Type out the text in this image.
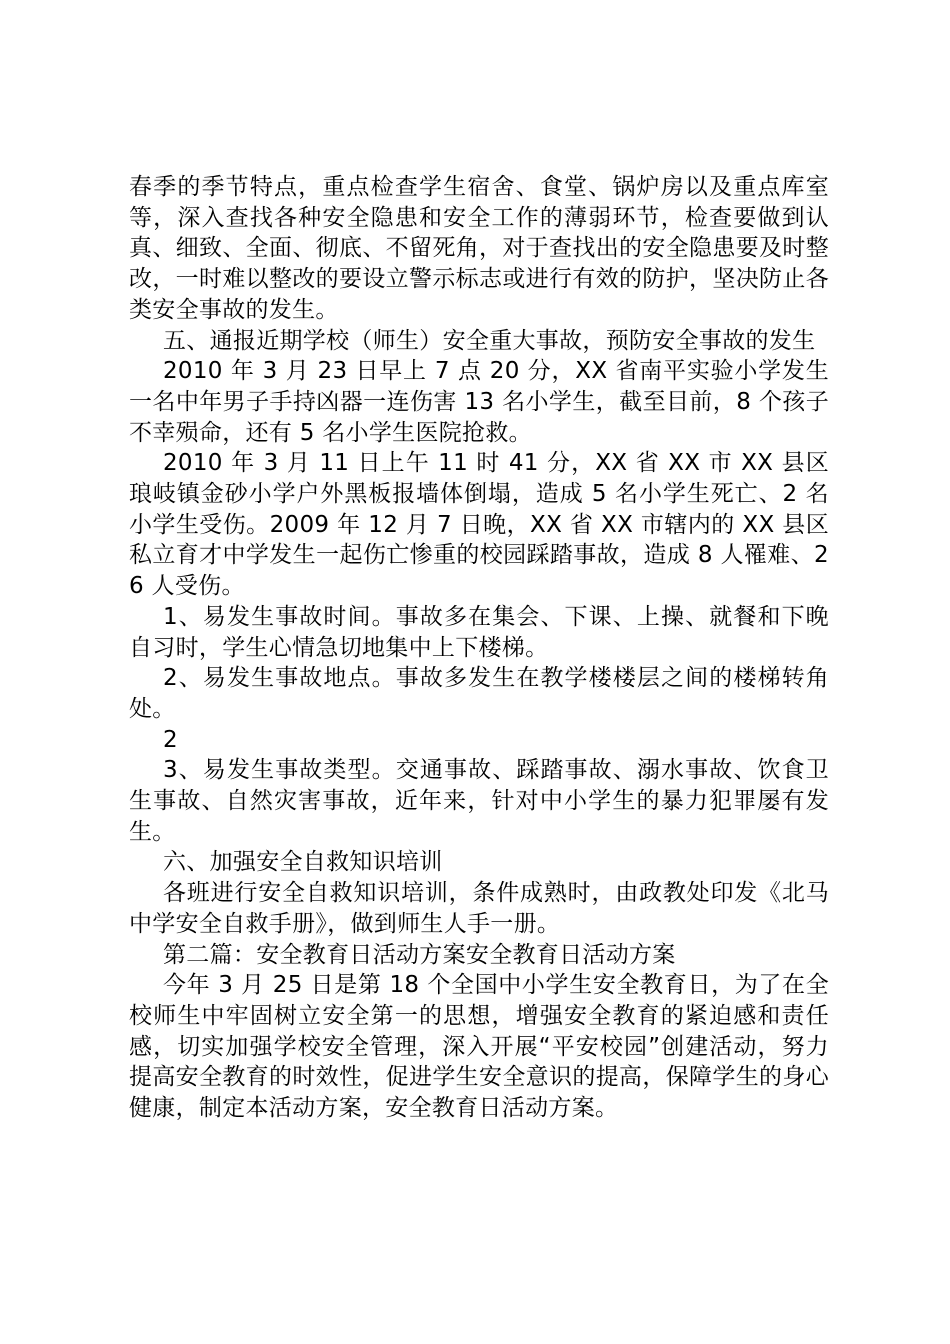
春季的季节特点，重点检查学生宿舍、食堂、锅炉房以及重点库室等，深入查找各种安全隐患和安全工作的薄弱环节，检查要做到认真、细致、全面、彻底、不留死角，对于查找出的安全隐患要及时整改，一时难以整改的要设立警示标志或进行有效的防护，坚决防止各类安全事故的发生。

五、通报近期学校（师生）安全重大事故，预防安全事故的发生

2010 年 3 月 23 日早上 7 点 20 分，XX 省南平实验小学发生一名中年男子手持凶器一连伤害 13 名小学生，截至目前，8 个孩子不幸殒命，还有 5 名小学生医院抢救。

2010 年 3 月 11 日上午 11 时 41 分，XX 省 XX 市 XX 县区琅岐镇金砂小学户外黑板报墙体倒塌，造成 5 名小学生死亡、2 名小学生受伤。2009 年 12 月 7 日晚，XX 省 XX 市辖内的 XX 县区私立育才中学发生一起伤亡惨重的校园踩踏事故，造成 8 人罹难、26 人受伤。

1、易发生事故时间。事故多在集会、下课、上操、就餐和下晚自习时，学生心情急切地集中上下楼梯。

2、易发生事故地点。事故多发生在教学楼楼层之间的楼梯转角处。

2

3、易发生事故类型。交通事故、踩踏事故、溺水事故、饮食卫生事故、自然灾害事故，近年来，针对中小学生的暴力犯罪屡有发生。

六、加强安全自救知识培训

各班进行安全自救知识培训，条件成熟时，由政教处印发《北马中学安全自救手册》，做到师生人手一册。

第二篇：安全教育日活动方案安全教育日活动方案

今年 3 月 25 日是第 18 个全国中小学生安全教育日，为了在全校师生中牢固树立安全第一的思想，增强安全教育的紧迫感和责任感，切实加强学校安全管理，深入开展“平安校园”创建活动，努力提高安全教育的时效性，促进学生安全意识的提高，保障学生的身心健康，制定本活动方案，安全教育日活动方案。
